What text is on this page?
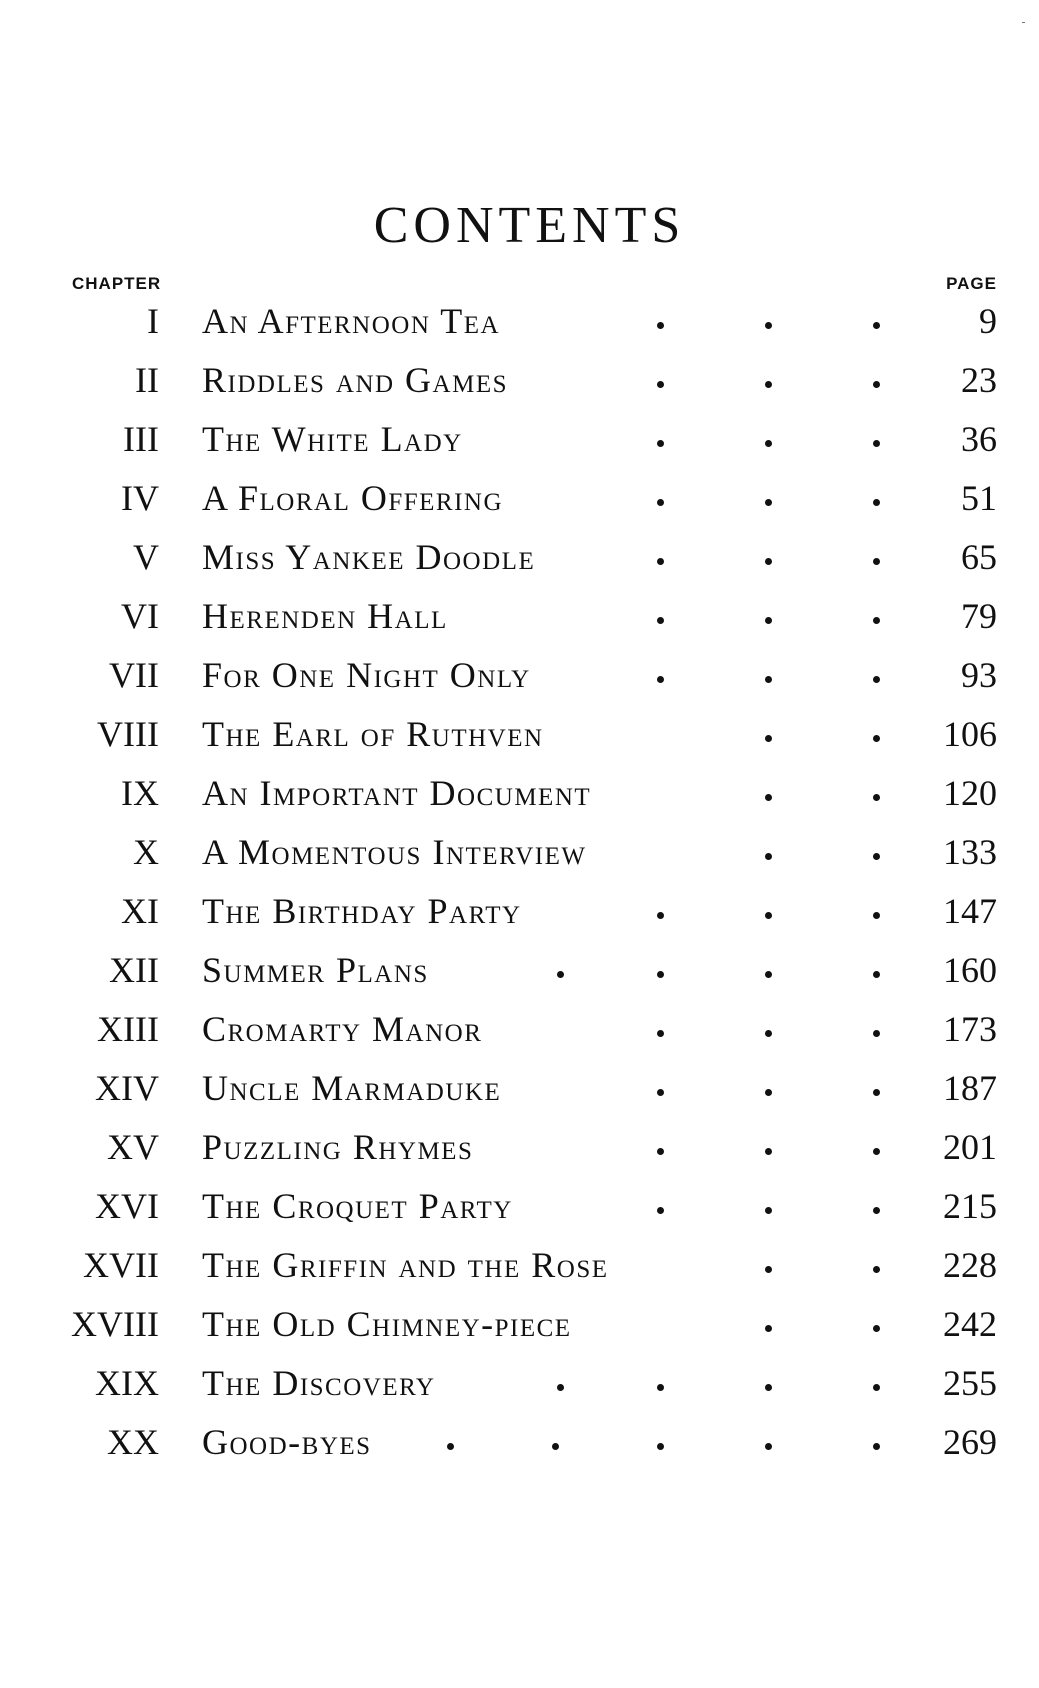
CONTENTS
CHAPTER	PAGE
I An Afternoon Tea	9
II Riddles and Games	23
III The White Lady	36
IV A Floral Offering	51
V Miss Yankee Doodle	65
VI Herenden Hall	79
VII For One Night Only	93
VIII The Earl of Ruthven	106
IX An Important Document	120
X A Momentous Interview	133
XI The Birthday Party	147
XII Summer Plans	160
XIII Cromarty Manor	173
XIV Uncle Marmaduke	187
XV Puzzling Rhymes	201
XVI The Croquet Party	215
XVII The Griffin and the Rose	228
XVIII The Old Chimney-piece	242
XIX The Discovery	255
XX Good-byes	269
